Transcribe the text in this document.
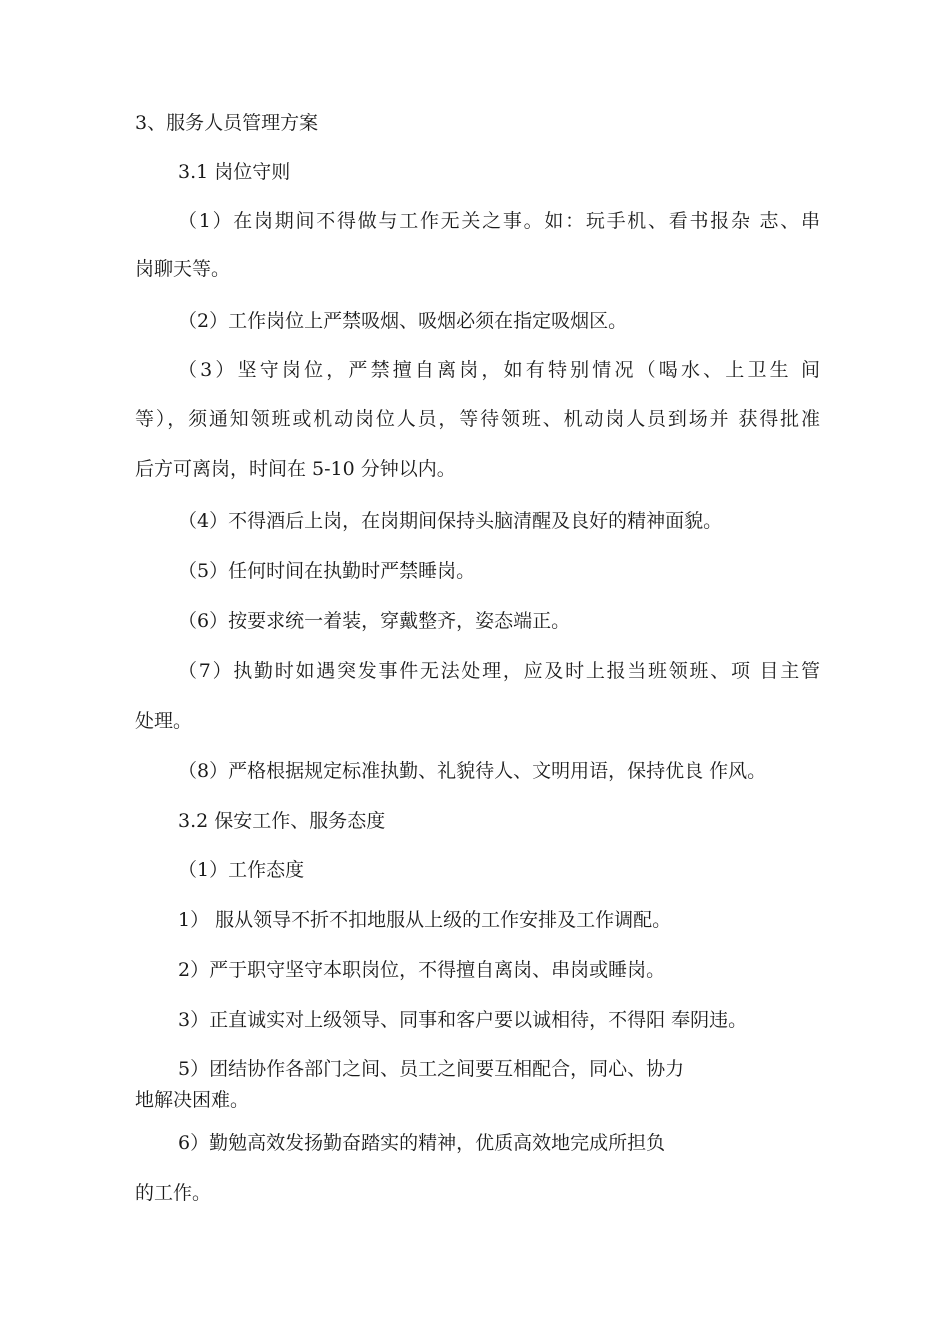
3、服务人员管理方案
3.1 岗位守则
（1）在岗期间不得做与工作无关之事。如：玩手机、看书报杂 志、串
岗聊天等。
（2）工作岗位上严禁吸烟、吸烟必须在指定吸烟区。
（3）坚守岗位，严禁擅自离岗，如有特别情况（喝水、上卫生 间
等），须通知领班或机动岗位人员，等待领班、机动岗人员到场并 获得批准
后方可离岗，时间在 5-10 分钟以内。
（4）不得酒后上岗，在岗期间保持头脑清醒及良好的精神面貌。
（5）任何时间在执勤时严禁睡岗。
（6）按要求统一着装，穿戴整齐，姿态端正。
（7）执勤时如遇突发事件无法处理，应及时上报当班领班、项 目主管
处理。
（8）严格根据规定标准执勤、礼貌待人、文明用语，保持优良 作风。
3.2 保安工作、服务态度
（1）工作态度
1） 服从领导不折不扣地服从上级的工作安排及工作调配。
2）严于职守坚守本职岗位，不得擅自离岗、串岗或睡岗。
3）正直诚实对上级领导、同事和客户要以诚相待，不得阳 奉阴违。
5）团结协作各部门之间、员工之间要互相配合，同心、协力
地解决困难。
6）勤勉高效发扬勤奋踏实的精神，优质高效地完成所担负
的工作。
